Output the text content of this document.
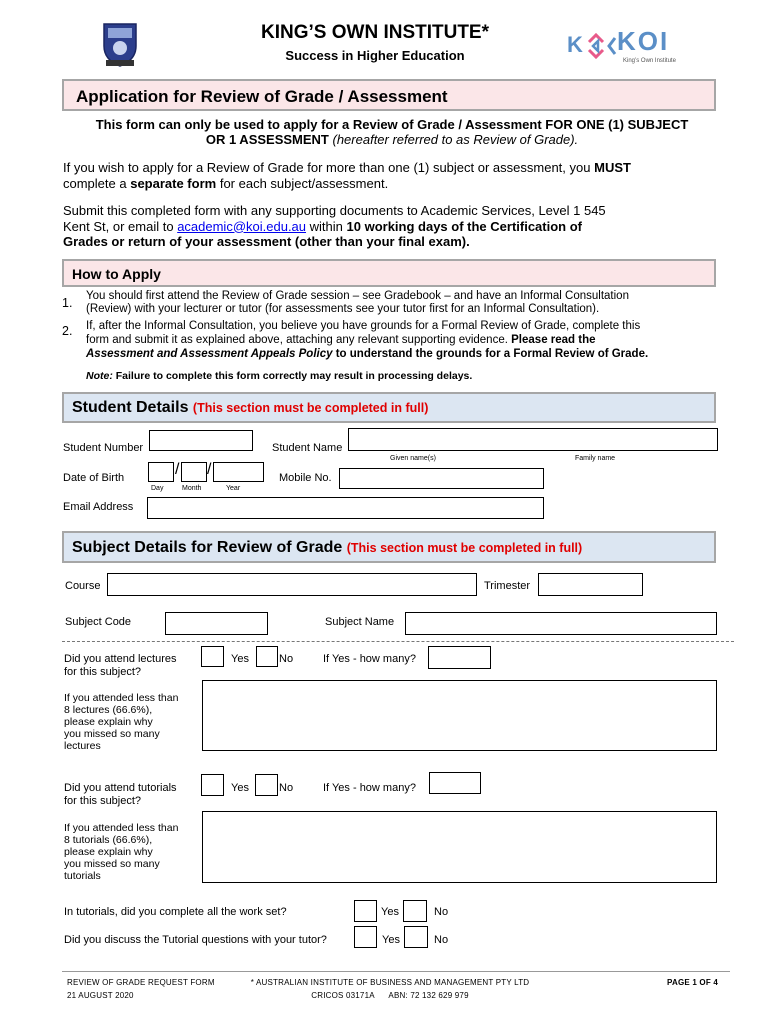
KING’S OWN INSTITUTE*
Success in Higher Education	K KOI
King’s Own Institute
Application for Review of Grade / Assessment
This form can only be used to apply for a Review of Grade / Assessment FOR ONE (1) SUBJECT
OR 1 ASSESSMENT (hereafter referred to as Review of Grade).
If you wish to apply for a Review of Grade for more than one (1) subject or assessment, you MUST
complete a separate form for each subject/assessment.
Submit this completed form with any supporting documents to Academic Services, Level 1 545
Kent St, or email to academic@koi.edu.au within 10 working days of the Certification of
Grades or return of your assessment (other than your final exam).
How to Apply
1. You should first attend the Review of Grade session – see Gradebook – and have an Informal Consultation
(Review) with your lecturer or tutor (for assessments see your tutor first for an Informal Consultation).
2. If, after the Informal Consultation, you believe you have grounds for a Formal Review of Grade, complete this
form and submit it as explained above, attaching any relevant supporting evidence. Please read the
Assessment and Assessment Appeals Policy to understand the grounds for a Formal Review of Grade.
Note: Failure to complete this form correctly may result in processing delays.
Student Details (This section must be completed in full)
Student Number	Student Name
Given name(s)	Family name
Date of Birth	/ /
Day	Month	Year
Mobile No.
Email Address
Subject Details for Review of Grade (This section must be completed in full)
Course	Trimester
Subject Code	Subject Name
Did you attend lectures
for this subject?
Yes	No	If Yes - how many?
If you attended less than
8 lectures (66.6%),
please explain why
you missed so many
lectures
Did you attend tutorials
for this subject?
Yes	No	If Yes - how many?
If you attended less than
8 tutorials (66.6%),
please explain why
you missed so many
tutorials
In tutorials, did you complete all the work set?	Yes	No
Did you discuss the Tutorial questions with your tutor?	Yes	No
REVIEW OF GRADE REQUEST FORM
21 AUGUST 2020
* AUSTRALIAN INSTITUTE OF BUSINESS AND MANAGEMENT PTY LTD
CRICOS 03171A      ABN: 72 132 629 979
PAGE 1 OF 4
